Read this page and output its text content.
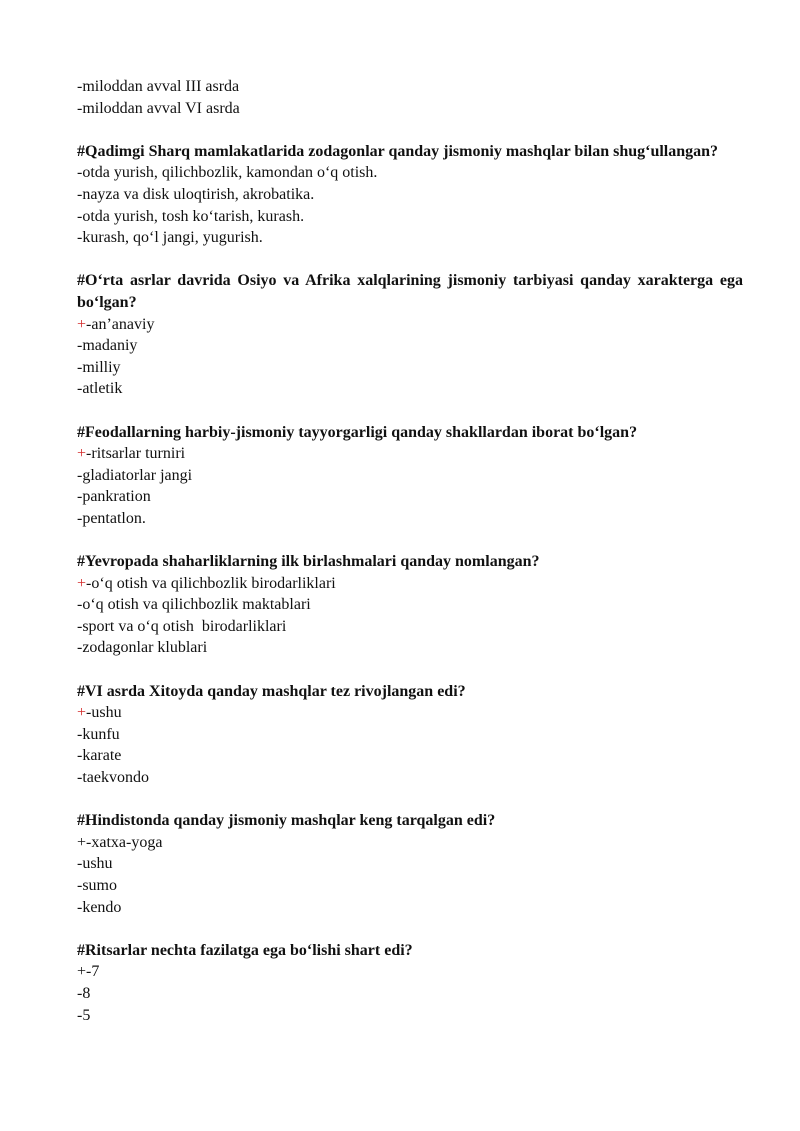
-miloddan avval III asrda
-miloddan avval VI asrda
#Qadimgi Sharq mamlakatlarida zodagonlar qanday jismoniy mashqlar bilan shug‘ullangan?
-otda yurish, qilichbozlik, kamondan o‘q otish.
-nayza va disk uloqtirish, akrobatika.
-otda yurish, tosh ko‘tarish, kurash.
-kurash, qo‘l jangi, yugurish.
#O‘rta asrlar davrida Osiyo va Afrika xalqlarining jismoniy tarbiyasi qanday xarakterga ega bo‘lgan?
+-an’anaviy
-madaniy
-milliy
-atletik
#Feodallarning harbiy-jismoniy tayyorgarligi qanday shakllardan iborat bo‘lgan?
+-ritsarlar turniri
-gladiatorlar jangi
-pankration
-pentatlon.
#Yevropada shaharliklarning ilk birlashmalari qanday nomlangan?
+-o‘q otish va qilichbozlik birodarliklari
-o‘q otish va qilichbozlik maktablari
-sport va o‘q otish  birodarliklari
-zodagonlar klublari
#VI asrda Xitoyda qanday mashqlar tez rivojlangan edi?
+-ushu
-kunfu
-karate
-taekvondo
#Hindistonda qanday jismoniy mashqlar keng tarqalgan edi?
+-xatxa-yoga
-ushu
-sumo
-kendo
#Ritsarlar nechta fazilatga ega bo‘lishi shart edi?
+-7
-8
-5
